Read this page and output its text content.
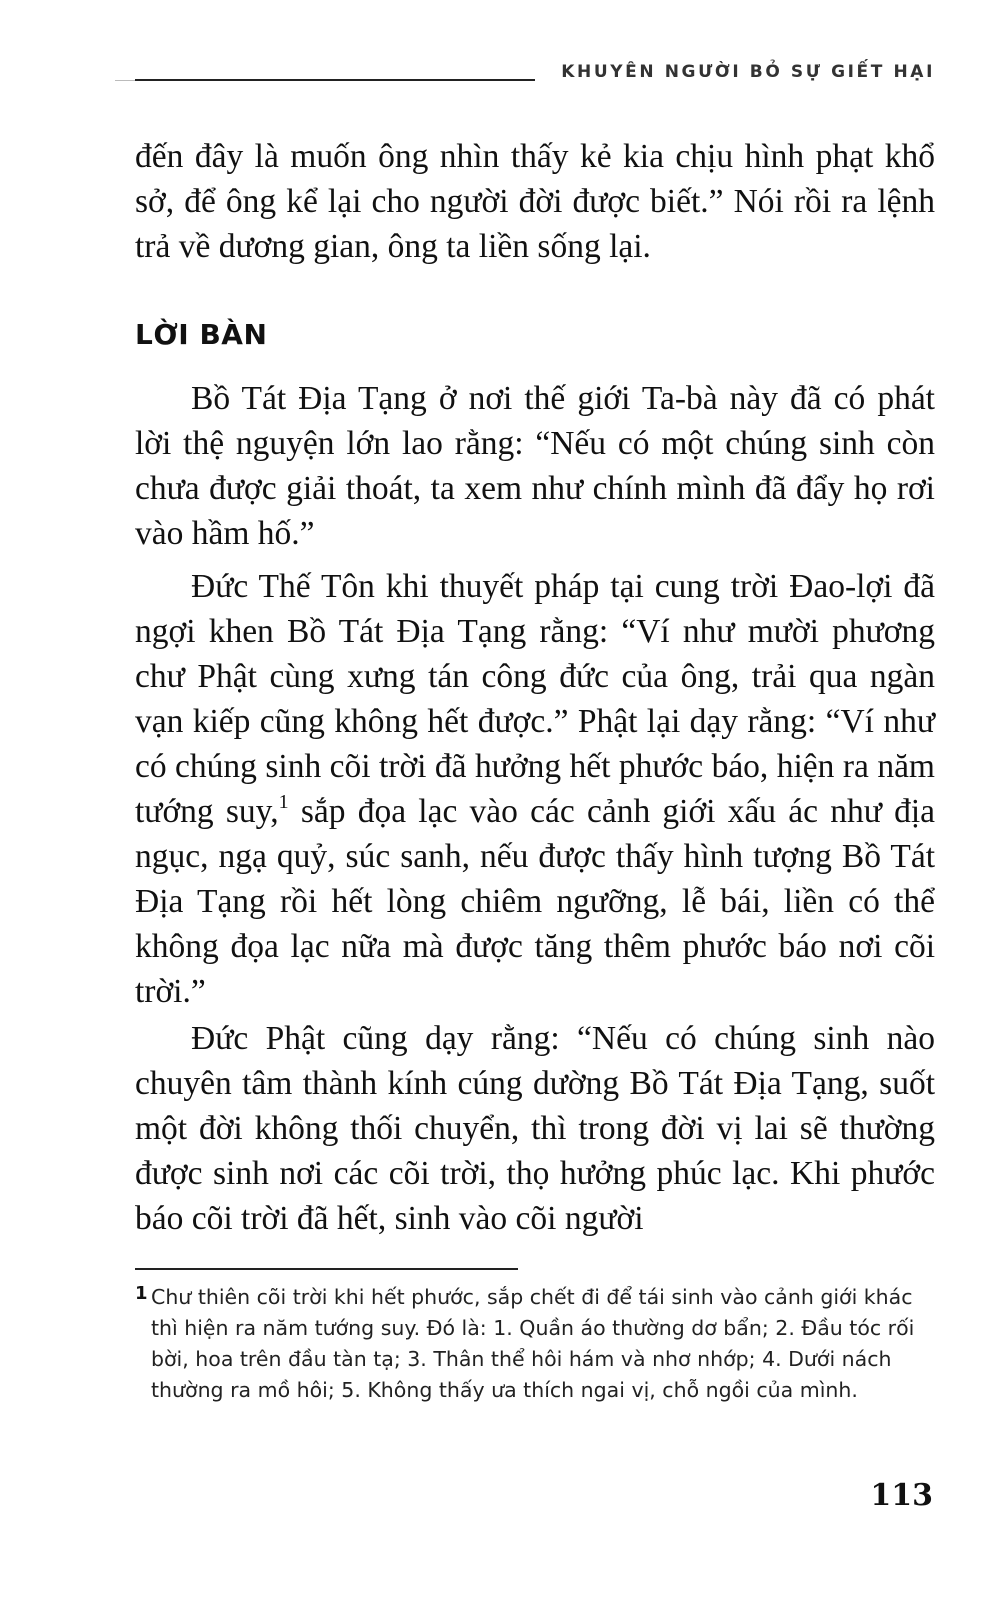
KHUYÊN NGƯỜI BỎ SỰ GIẾT HẠI

đến đây là muốn ông nhìn thấy kẻ kia chịu hình phạt khổ sở, để ông kể lại cho người đời được biết.” Nói rồi ra lệnh trả về dương gian, ông ta liền sống lại.

LỜI BÀN

Bồ Tát Địa Tạng ở nơi thế giới Ta-bà này đã có phát lời thệ nguyện lớn lao rằng: “Nếu có một chúng sinh còn chưa được giải thoát, ta xem như chính mình đã đẩy họ rơi vào hầm hố.”

Đức Thế Tôn khi thuyết pháp tại cung trời Đao-lợi đã ngợi khen Bồ Tát Địa Tạng rằng: “Ví như mười phương chư Phật cùng xưng tán công đức của ông, trải qua ngàn vạn kiếp cũng không hết được.” Phật lại dạy rằng: “Ví như có chúng sinh cõi trời đã hưởng hết phước báo, hiện ra năm tướng suy,$^1$ sắp đọa lạc vào các cảnh giới xấu ác như địa ngục, ngạ quỷ, súc sanh, nếu được thấy hình tượng Bồ Tát Địa Tạng rồi hết lòng chiêm ngưỡng, lễ bái, liền có thể không đọa lạc nữa mà được tăng thêm phước báo nơi cõi trời.”

Đức Phật cũng dạy rằng: “Nếu có chúng sinh nào chuyên tâm thành kính cúng dường Bồ Tát Địa Tạng, suốt một đời không thối chuyển, thì trong đời vị lai sẽ thường được sinh nơi các cõi trời, thọ hưởng phúc lạc. Khi phước báo cõi trời đã hết, sinh vào cõi người

1 Chư thiên cõi trời khi hết phước, sắp chết đi để tái sinh vào cảnh giới khác thì hiện ra năm tướng suy. Đó là: 1. Quần áo thường dơ bẩn; 2. Đầu tóc rối bời, hoa trên đầu tàn tạ; 3. Thân thể hôi hám và nhơ nhớp; 4. Dưới nách thường ra mồ hôi; 5. Không thấy ưa thích ngai vị, chỗ ngồi của mình.

113
